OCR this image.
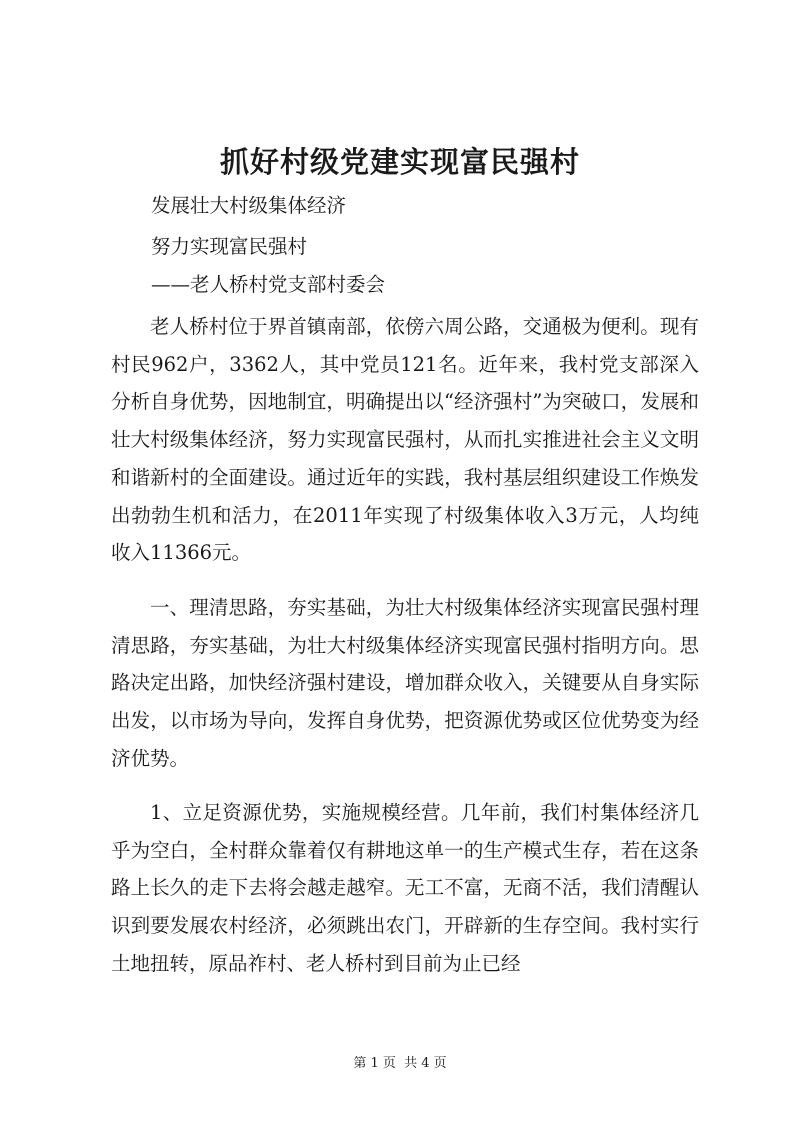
抓好村级党建实现富民强村
发展壮大村级集体经济
努力实现富民强村
——老人桥村党支部村委会

老人桥村位于界首镇南部，依傍六周公路，交通极为便利。现有村民962户，3362人，其中党员121名。近年来，我村党支部深入分析自身优势，因地制宜，明确提出以“经济强村”为突破口，发展和壮大村级集体经济，努力实现富民强村，从而扎实推进社会主义文明和谐新村的全面建设。通过近年的实践，我村基层组织建设工作焕发出勃勃生机和活力，在2011年实现了村级集体收入3万元，人均纯收入11366元。

一、理清思路，夯实基础，为壮大村级集体经济实现富民强村理清思路，夯实基础，为壮大村级集体经济实现富民强村指明方向。思路决定出路，加快经济强村建设，增加群众收入，关键要从自身实际出发，以市场为导向，发挥自身优势，把资源优势或区位优势变为经济优势。

1、立足资源优势，实施规模经营。几年前，我们村集体经济几乎为空白，全村群众靠着仅有耕地这单一的生产模式生存，若在这条路上长久的走下去将会越走越窄。无工不富，无商不活，我们清醒认识到要发展农村经济，必须跳出农门，开辟新的生存空间。我村实行土地扭转，原品祚村、老人桥村到目前为止已经

第 1 页  共 4 页
